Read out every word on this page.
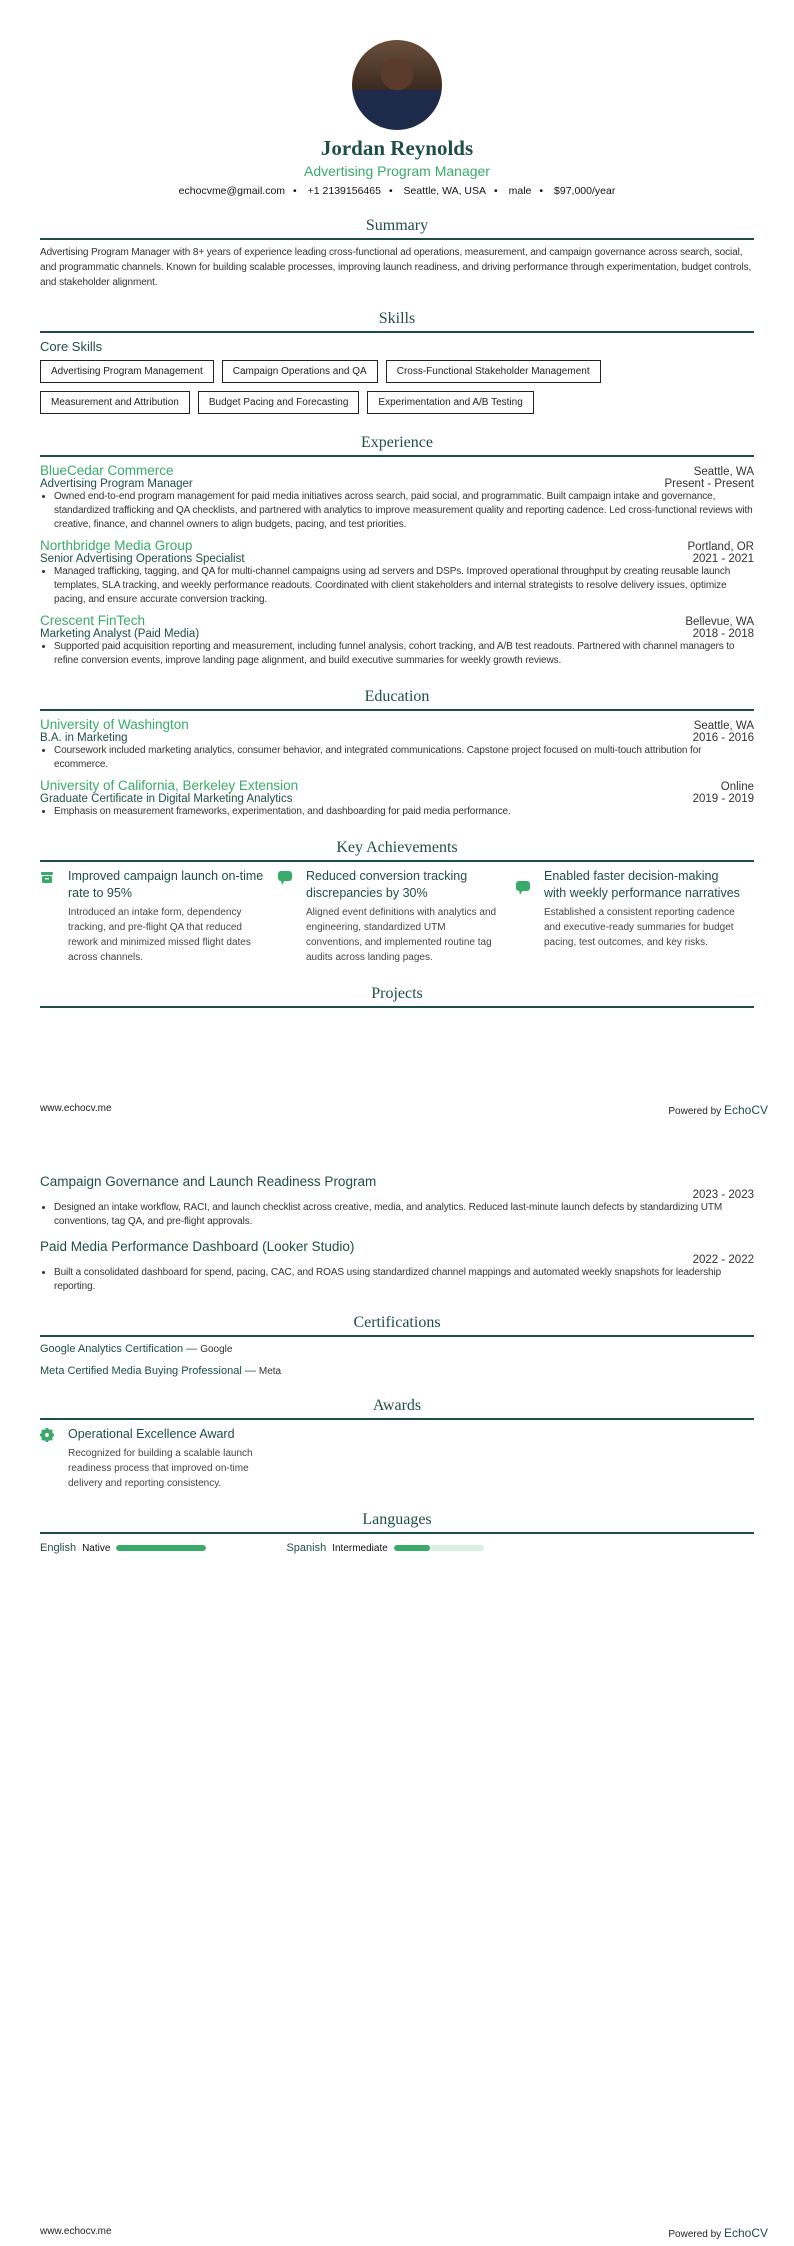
Jordan Reynolds
Advertising Program Manager
echocvme@gmail.com • +1 2139156465 • Seattle, WA, USA • male • $97,000/year
Summary
Advertising Program Manager with 8+ years of experience leading cross-functional ad operations, measurement, and campaign governance across search, social, and programmatic channels. Known for building scalable processes, improving launch readiness, and driving performance through experimentation, budget controls, and stakeholder alignment.
Skills
Core Skills
Advertising Program Management	Campaign Operations and QA	Cross-Functional Stakeholder Management
Measurement and Attribution	Budget Pacing and Forecasting	Experimentation and A/B Testing
Experience
BlueCedar Commerce	Seattle, WA
Advertising Program Manager	Present - Present
• Owned end-to-end program management for paid media initiatives across search, paid social, and programmatic. Built campaign intake and governance, standardized trafficking and QA checklists, and partnered with analytics to improve measurement quality and reporting cadence. Led cross-functional reviews with creative, finance, and channel owners to align budgets, pacing, and test priorities.
Northbridge Media Group	Portland, OR
Senior Advertising Operations Specialist	2021 - 2021
• Managed trafficking, tagging, and QA for multi-channel campaigns using ad servers and DSPs. Improved operational throughput by creating reusable launch templates, SLA tracking, and weekly performance readouts. Coordinated with client stakeholders and internal strategists to resolve delivery issues, optimize pacing, and ensure accurate conversion tracking.
Crescent FinTech	Bellevue, WA
Marketing Analyst (Paid Media)	2018 - 2018
• Supported paid acquisition reporting and measurement, including funnel analysis, cohort tracking, and A/B test readouts. Partnered with channel managers to refine conversion events, improve landing page alignment, and build executive summaries for weekly growth reviews.
Education
University of Washington	Seattle, WA
B.A. in Marketing	2016 - 2016
• Coursework included marketing analytics, consumer behavior, and integrated communications. Capstone project focused on multi-touch attribution for ecommerce.
University of California, Berkeley Extension	Online
Graduate Certificate in Digital Marketing Analytics	2019 - 2019
• Emphasis on measurement frameworks, experimentation, and dashboarding for paid media performance.
Key Achievements
Improved campaign launch on-time rate to 95%

Introduced an intake form, dependency tracking, and pre-flight QA that reduced rework and minimized missed flight dates across channels.

Reduced conversion tracking discrepancies by 30%

Aligned event definitions with analytics and engineering, standardized UTM conventions, and implemented routine tag audits across landing pages.

Enabled faster decision-making with weekly performance narratives

Established a consistent reporting cadence and executive-ready summaries for budget pacing, test outcomes, and key risks.

Projects
www.echocv.me	Powered by EchoCV
Campaign Governance and Launch Readiness Program
2023 - 2023
• Designed an intake workflow, RACI, and launch checklist across creative, media, and analytics. Reduced last-minute launch defects by standardizing UTM conventions, tag QA, and pre-flight approvals.
Paid Media Performance Dashboard (Looker Studio)
2022 - 2022
• Built a consolidated dashboard for spend, pacing, CAC, and ROAS using standardized channel mappings and automated weekly snapshots for leadership reporting.
Certifications
Google Analytics Certification — Google
Meta Certified Media Buying Professional — Meta
Awards
Operational Excellence Award

Recognized for building a scalable launch readiness process that improved on-time delivery and reporting consistency.

Languages
English Native	Spanish Intermediate
www.echocv.me	Powered by EchoCV
